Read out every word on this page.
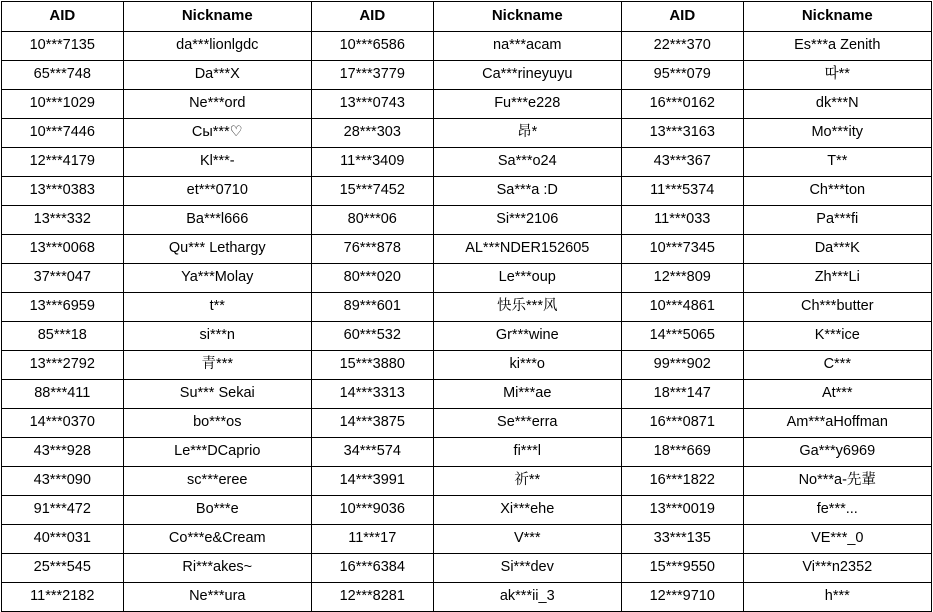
AID	Nickname	AID	Nickname	AID	Nickname
10***7135	da***lionlgdc	10***6586	na***acam	22***370	Es***a Zenith
65***748	Da***X	17***3779	Ca***rineyuyu	95***079	따**
10***1029	Ne***ord	13***0743	Fu***e228	16***0162	dk***N
10***7446	Сы***♡	28***303	昂*	13***3163	Mo***ity
12***4179	Kl***-	11***3409	Sa***o24	43***367	T**
13***0383	et***0710	15***7452	Sa***a :D	11***5374	Ch***ton
13***332	Ba***l666	80***06	Si***2106	11***033	Pa***fi
13***0068	Qu*** Lethargy	76***878	AL***NDER152605	10***7345	Da***K
37***047	Ya***Molay	80***020	Le***oup	12***809	Zh***Li
13***6959	t**	89***601	快乐***风	10***4861	Ch***butter
85***18	si***n	60***532	Gr***wine	14***5065	K***ice
13***2792	青***	15***3880	ki***o	99***902	C***
88***411	Su*** Sekai	14***3313	Mi***ae	18***147	At***
14***0370	bo***os	14***3875	Se***erra	16***0871	Am***aHoffman
43***928	Le***DCaprio	34***574	fi***l	18***669	Ga***y6969
43***090	sc***eree	14***3991	祈**	16***1822	No***a-先輩
91***472	Bo***e	10***9036	Xi***ehe	13***0019	fe***...
40***031	Co***e&Cream	11***17	V***	33***135	VE***_0
25***545	Ri***akes~	16***6384	Si***dev	15***9550	Vi***n2352
11***2182	Ne***ura	12***8281	ak***ii_3	12***9710	h***
